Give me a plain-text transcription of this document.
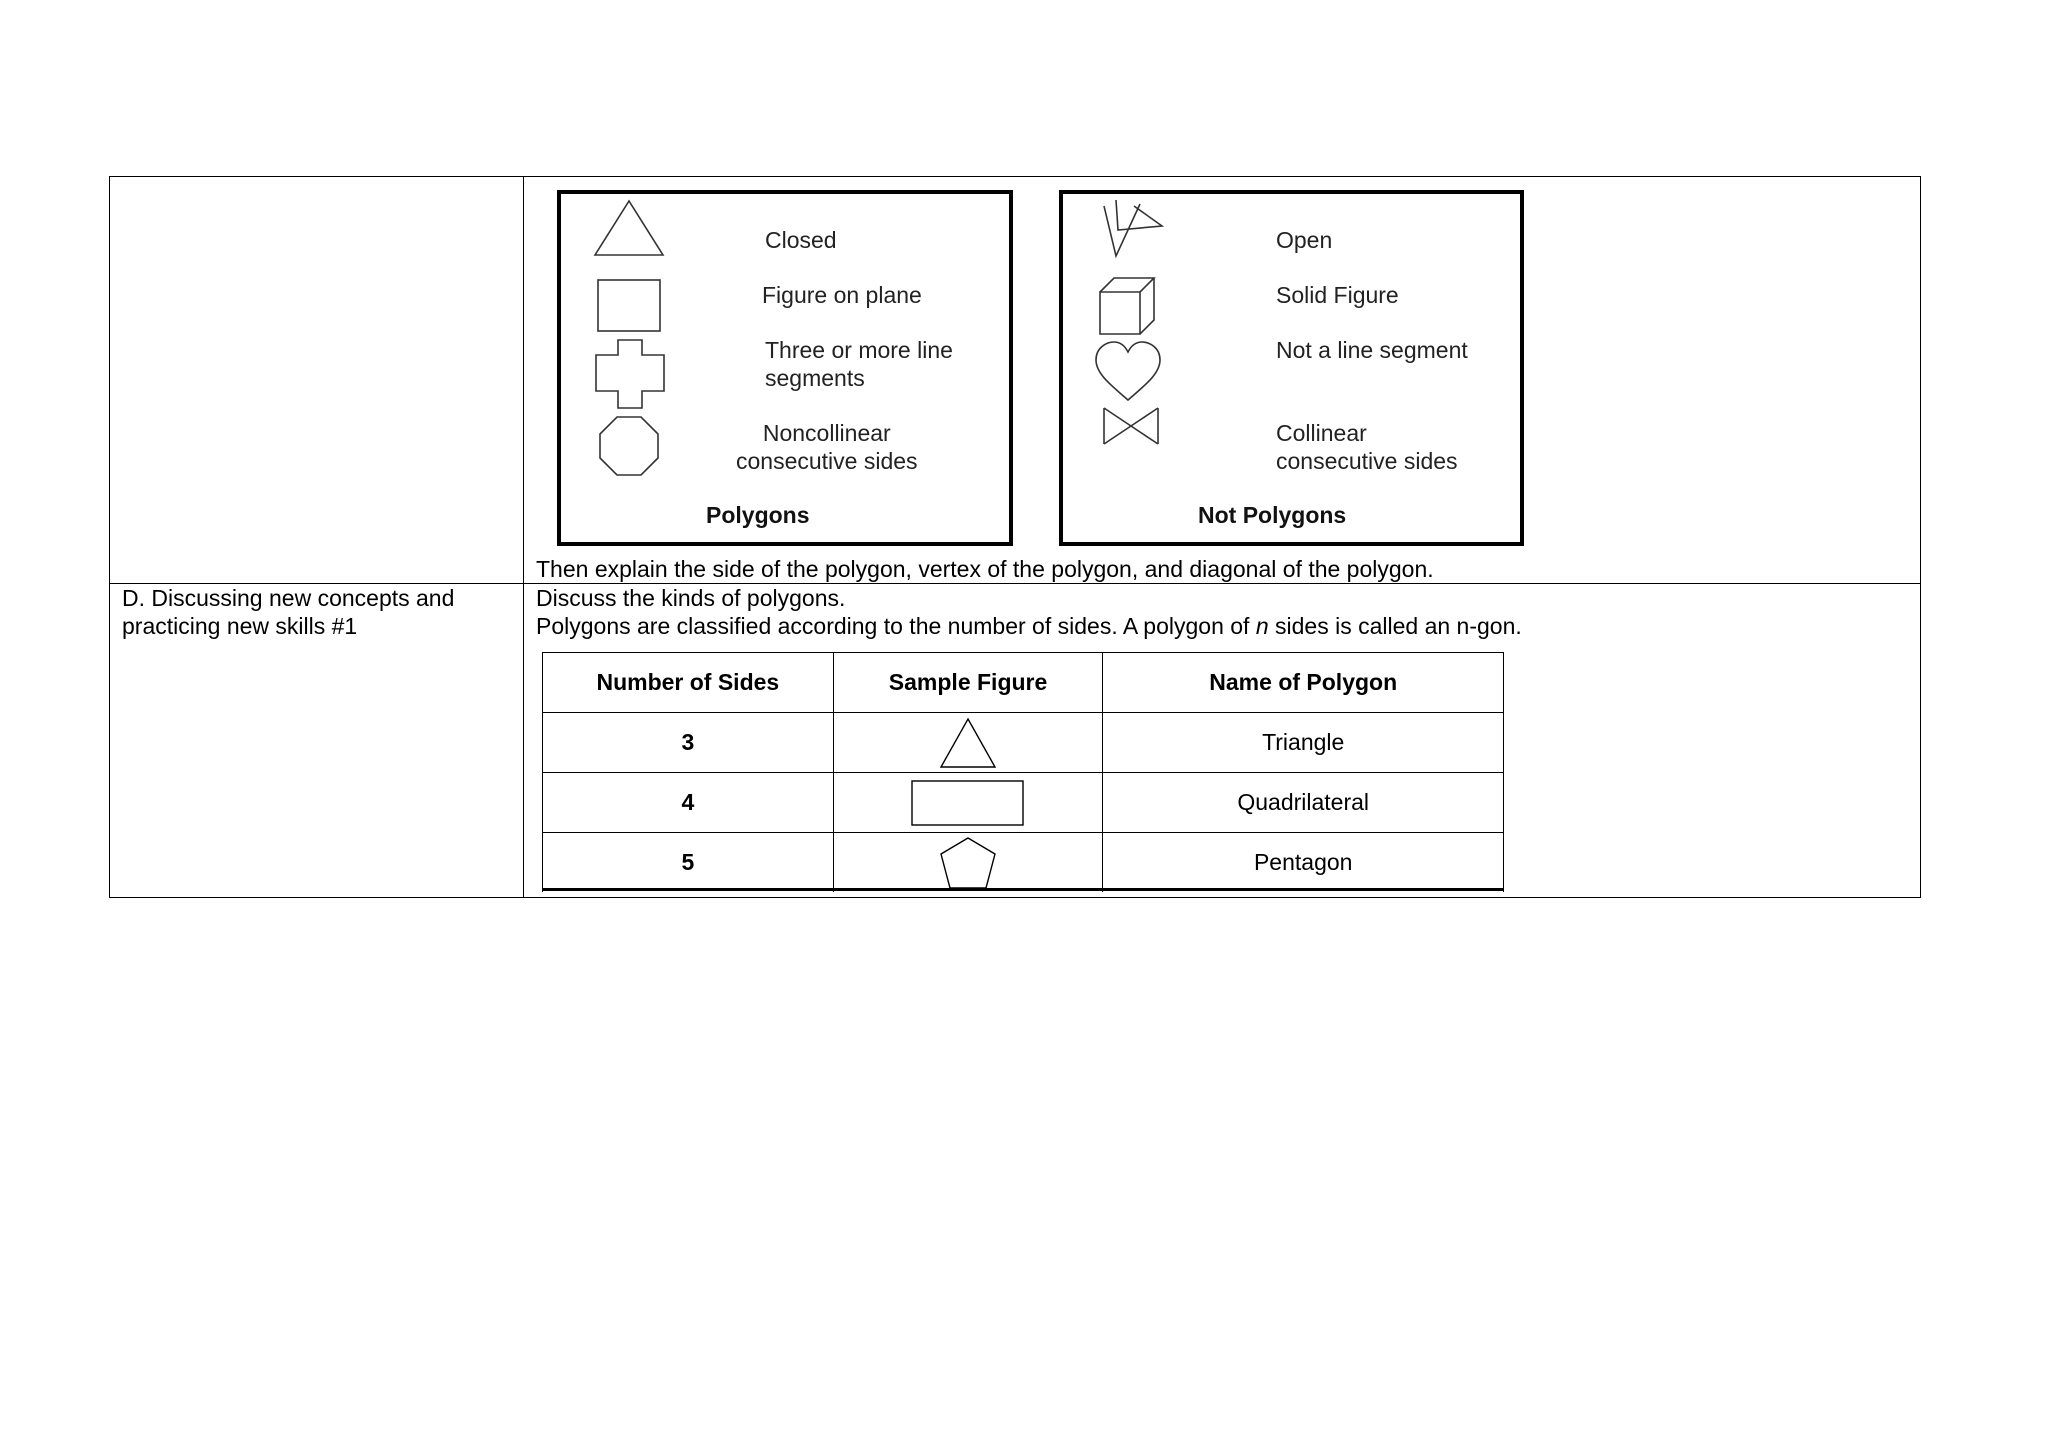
D. Discussing new concepts and
practicing new skills #1
Closed
Figure on plane
Three or more line
segments
Noncollinear
consecutive sides
Polygons
Open
Solid Figure
Not a line segment
Collinear
consecutive sides
Not Polygons
Then explain the side of the polygon, vertex of the polygon, and diagonal of the polygon.
Discuss the kinds of polygons.
Polygons are classified according to the number of sides. A polygon of n sides is called an n-gon.
Number of Sides	Sample Figure	Name of Polygon
3		Triangle
4		Quadrilateral
5		Pentagon
